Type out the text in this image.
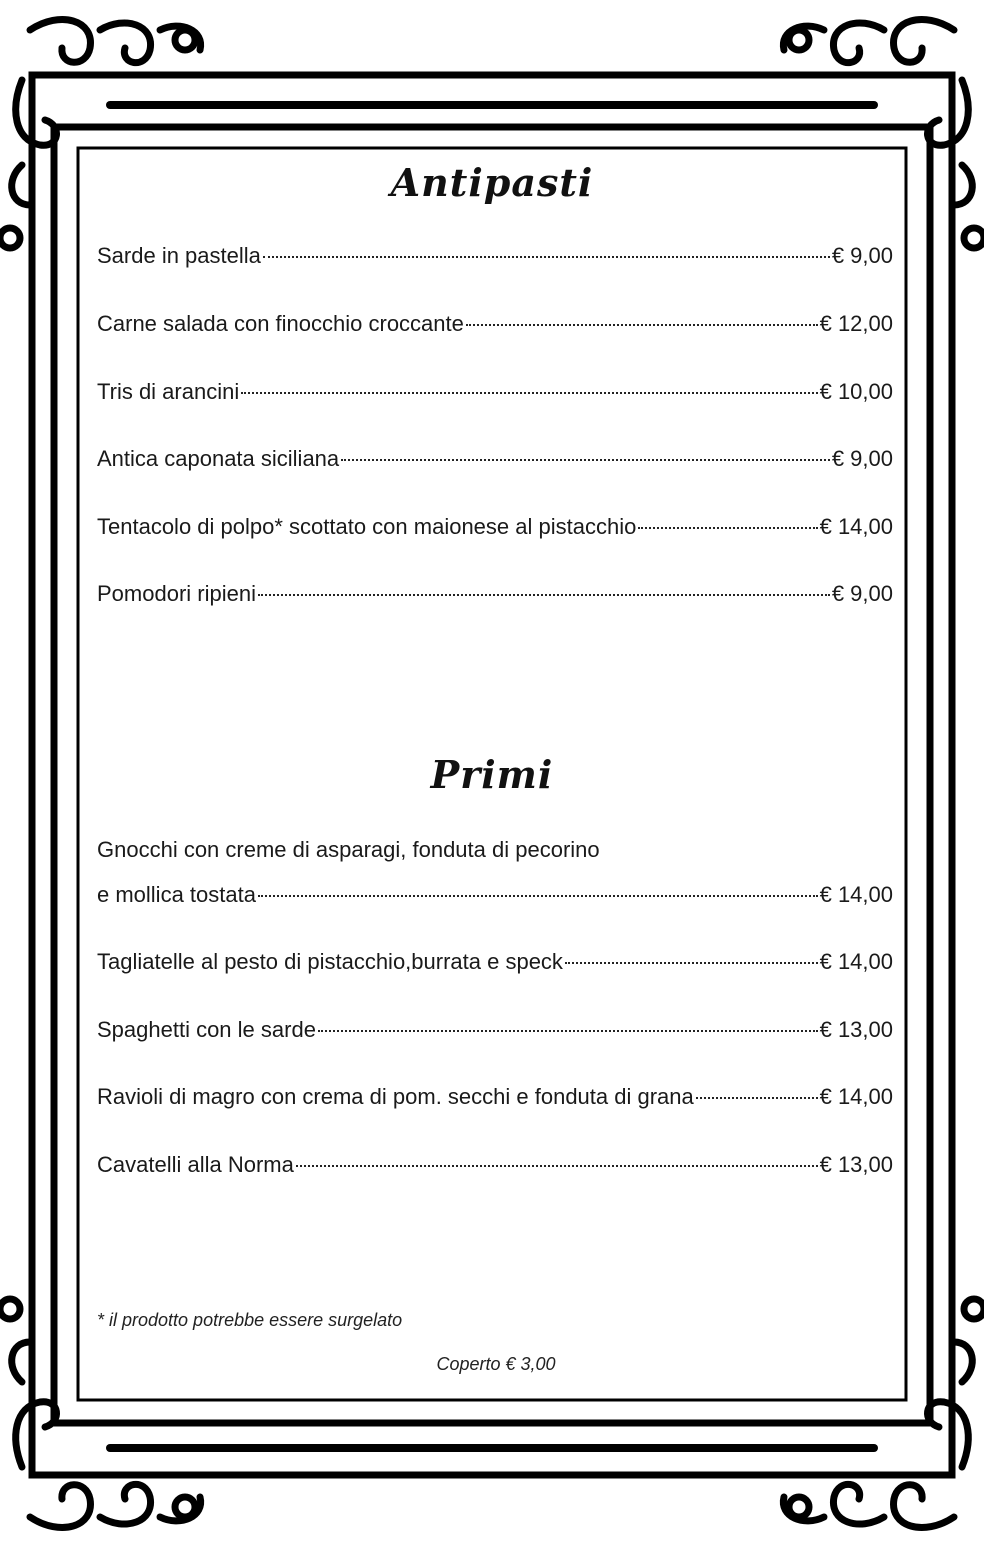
Antipasti
Sarde in pastella	€ 9,00
Carne salada con finocchio croccante	€ 12,00
Tris di arancini	€ 10,00
Antica caponata siciliana	€ 9,00
Tentacolo di polpo* scottato con maionese al pistacchio	€ 14,00
Pomodori ripieni	€ 9,00
Primi
Gnocchi con creme di asparagi, fonduta di pecorino
e mollica tostata	€ 14,00
Tagliatelle al pesto di pistacchio,burrata e speck	€ 14,00
Spaghetti con le sarde	€ 13,00
Ravioli di magro con crema di pom. secchi e fonduta di grana	€ 14,00
Cavatelli alla Norma	€ 13,00
* il prodotto potrebbe essere surgelato
Coperto € 3,00
